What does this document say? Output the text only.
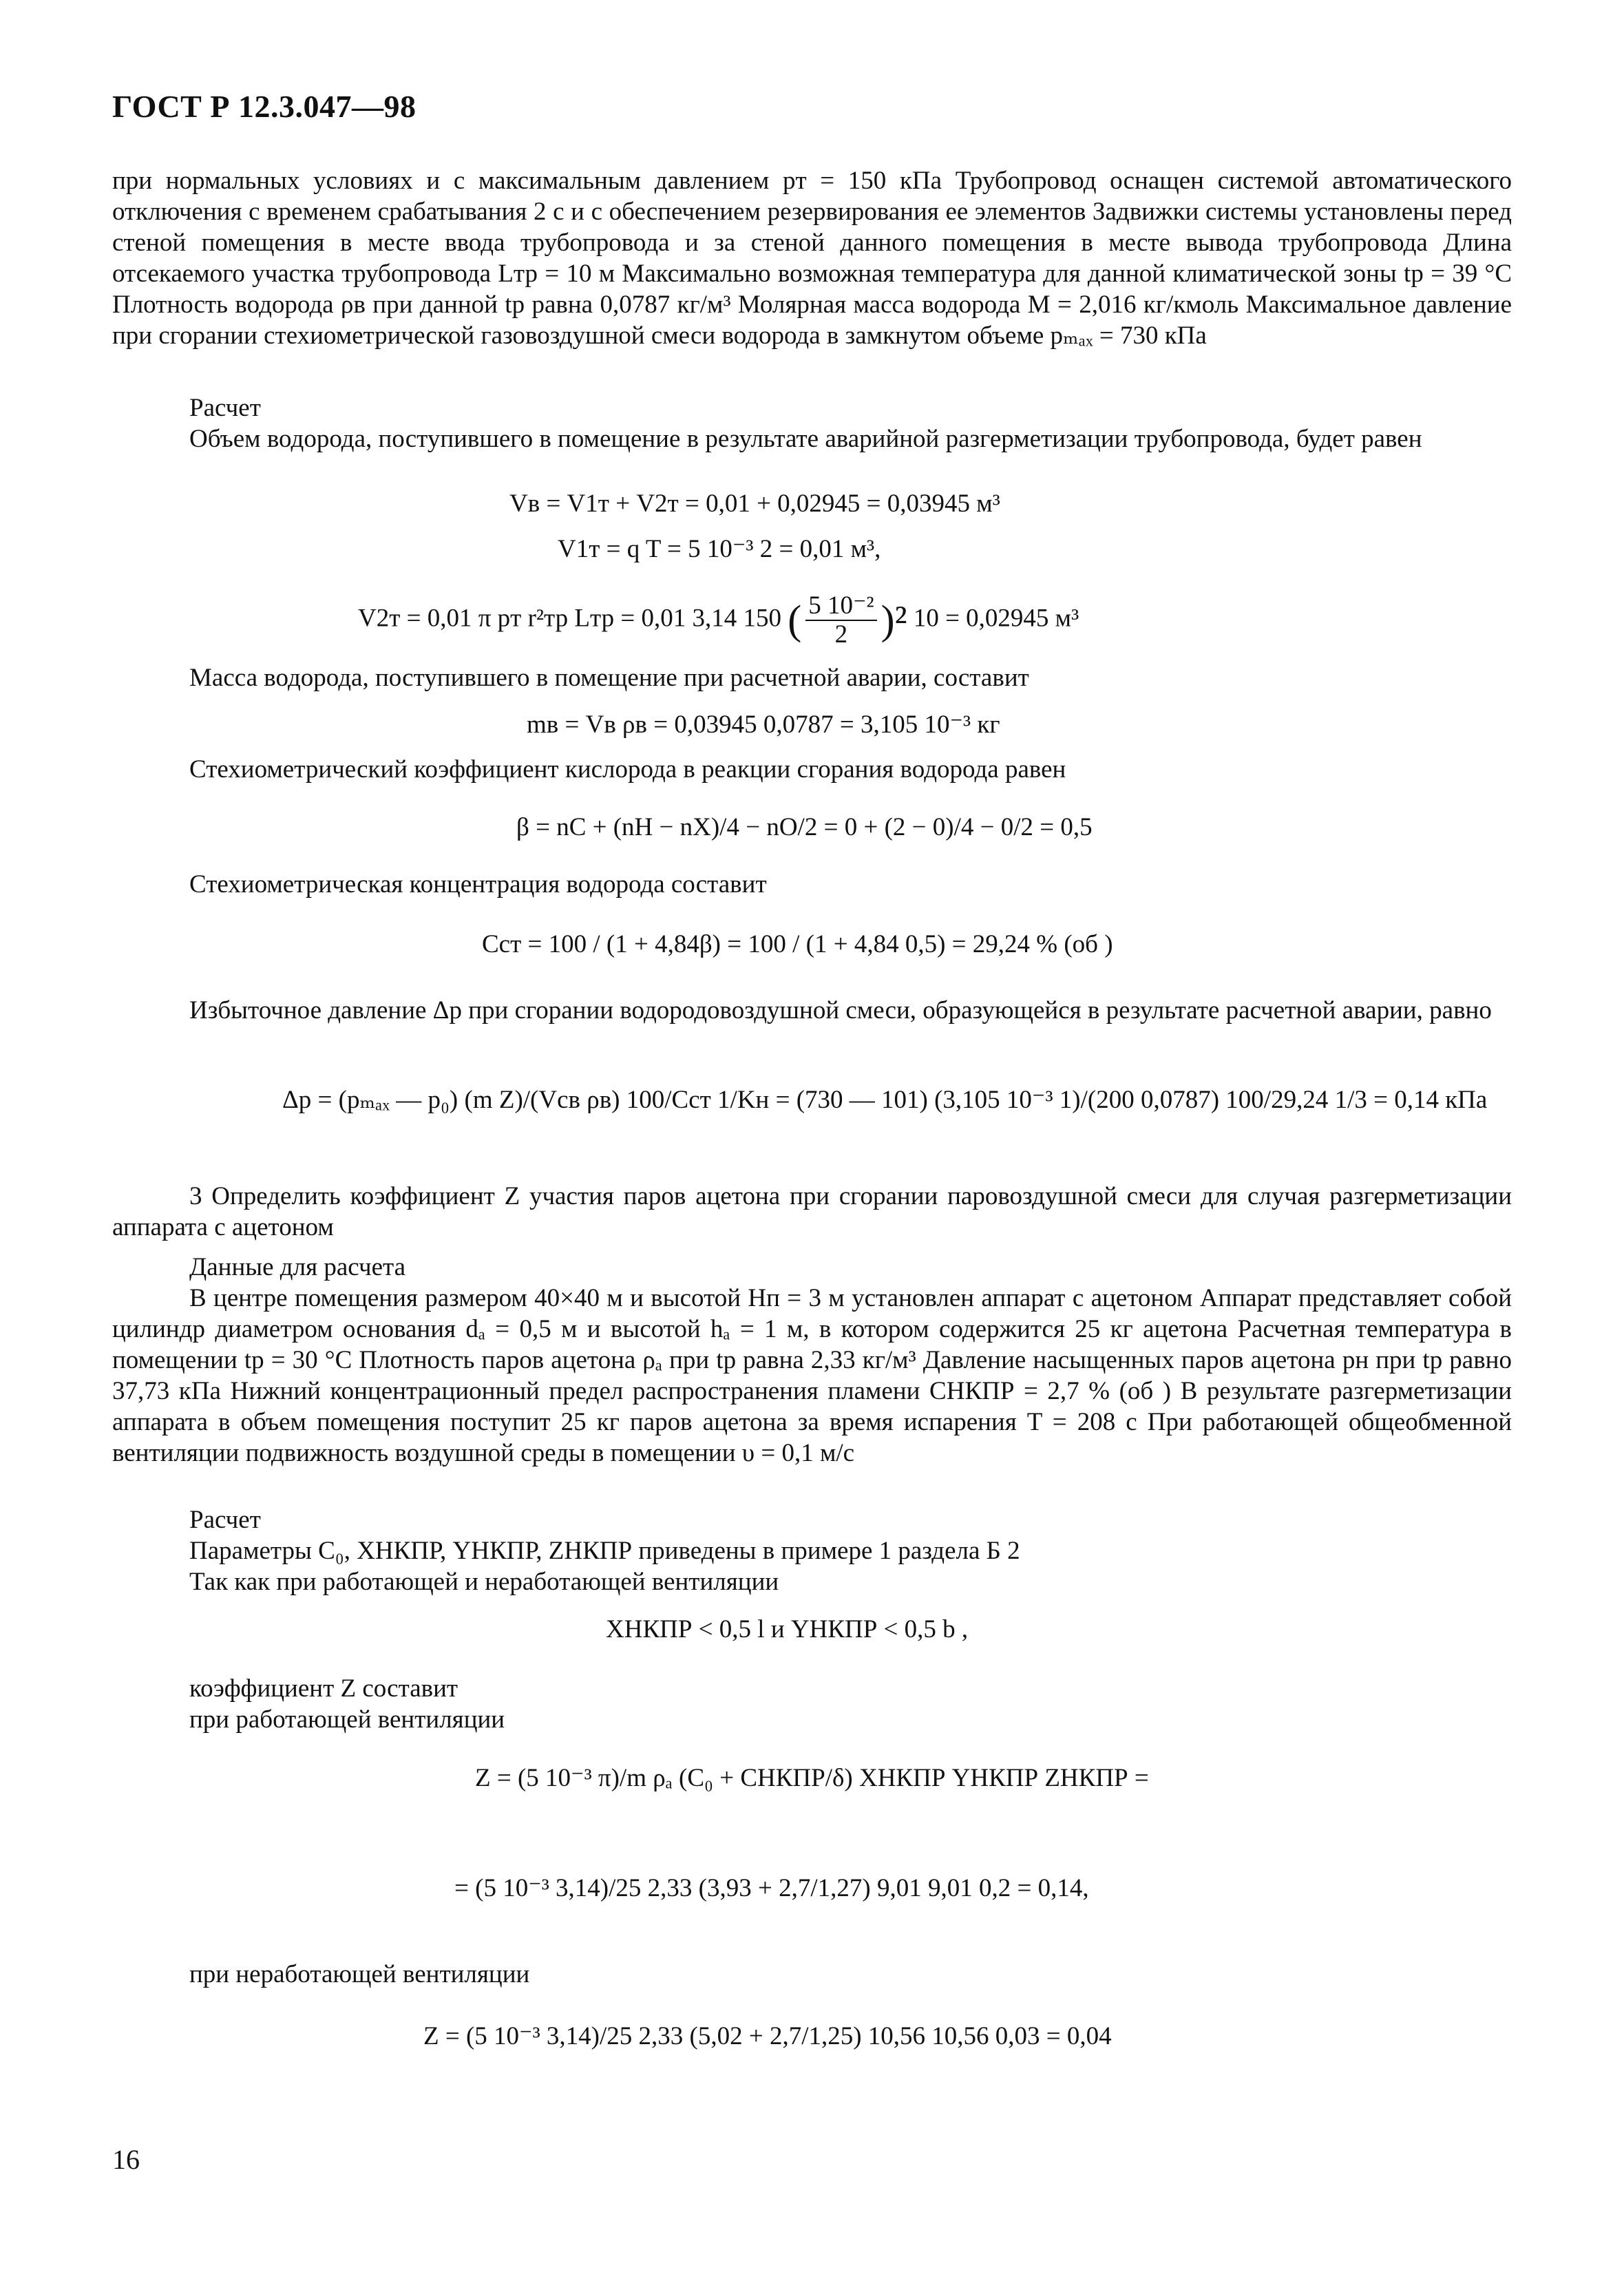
ГОСТ Р 12.3.047—98
при нормальных условиях и с максимальным давлением pт = 150 кПа Трубопровод оснащен системой автоматического отключения с временем срабатывания 2 с и с обеспечением резервирования ее элементов Задвижки системы установлены перед стеной помещения в месте ввода трубопровода и за стеной данного помещения в месте вывода трубопровода Длина отсекаемого участка трубопровода Lтр = 10 м Максимально возможная температура для данной климатической зоны tр = 39 °С Плотность водорода ρв при данной tр равна 0,0787 кг/м³ Молярная масса водорода M = 2,016 кг/кмоль Максимальное давление при сгорании стехиометрической газовоздушной смеси водорода в замкнутом объеме pₘₐₓ = 730 кПа
Расчет
Объем водорода, поступившего в помещение в результате аварийной разгерметизации трубопровода, будет равен
Vв = V1т + V2т = 0,01 + 0,02945 = 0,03945 м³
V1т = q T = 5 10⁻³ 2 = 0,01 м³,
V2т = 0,01 π pт r²тр Lтр = 0,01 3,14 150 ( $\frac{\text{5 10⁻²}}{2} )^2$ 10 = 0,02945 м³
Масса водорода, поступившего в помещение при расчетной аварии, составит
mв = Vв ρв = 0,03945 0,0787 = 3,105 10⁻³ кг
Стехиометрический коэффициент кислорода в реакции сгорания водорода равен
β = nС + (nH − nX)/4 − nO/2 = 0 + (2 − 0)/4 − 0/2 = 0,5
Стехиометрическая концентрация водорода составит
Cст = 100 / (1 + 4,84β) = 100 / (1 + 4,84 0,5) = 29,24 % (об )
Избыточное давление Δp при сгорании водородовоздушной смеси, образующейся в результате расчетной аварии, равно
Δp = (pₘₐₓ — p₀) (m Z)/(Vсв ρв) 100/Cст 1/Kн = (730 — 101) (3,105 10⁻³ 1)/(200 0,0787) 100/29,24 1/3 = 0,14 кПа
3 Определить коэффициент Z участия паров ацетона при сгорании паровоздушной смеси для случая разгерметизации аппарата с ацетоном
Данные для расчета
В центре помещения размером 40×40 м и высотой Hп = 3 м установлен аппарат с ацетоном Аппарат представляет собой цилиндр диаметром основания dₐ = 0,5 м и высотой hₐ = 1 м, в котором содержится 25 кг ацетона Расчетная температура в помещении tр = 30 °С Плотность паров ацетона ρₐ при tр равна 2,33 кг/м³ Давление насыщенных паров ацетона pн при tр равно 37,73 кПа Нижний концентрационный предел распространения пламени CНКПР = 2,7 % (об ) В результате разгерметизации аппарата в объем помещения поступит 25 кг паров ацетона за время испарения T = 208 с При работающей общеобменной вентиляции подвижность воздушной среды в помещении υ = 0,1 м/с
Расчет
Параметры C₀, XНКПР, YНКПР, ZНКПР приведены в примере 1 раздела Б 2
Так как при работающей и неработающей вентиляции
XНКПР < 0,5 l и YНКПР < 0,5 b ,
коэффициент Z составит
при работающей вентиляции
Z = (5 10⁻³ π)/m ρₐ (C₀ + CНКПР/δ) XНКПР YНКПР ZНКПР =
= (5 10⁻³ 3,14)/25 2,33 (3,93 + 2,7/1,27) 9,01 9,01 0,2 = 0,14,
при неработающей вентиляции
Z = (5 10⁻³ 3,14)/25 2,33 (5,02 + 2,7/1,25) 10,56 10,56 0,03 = 0,04
16
